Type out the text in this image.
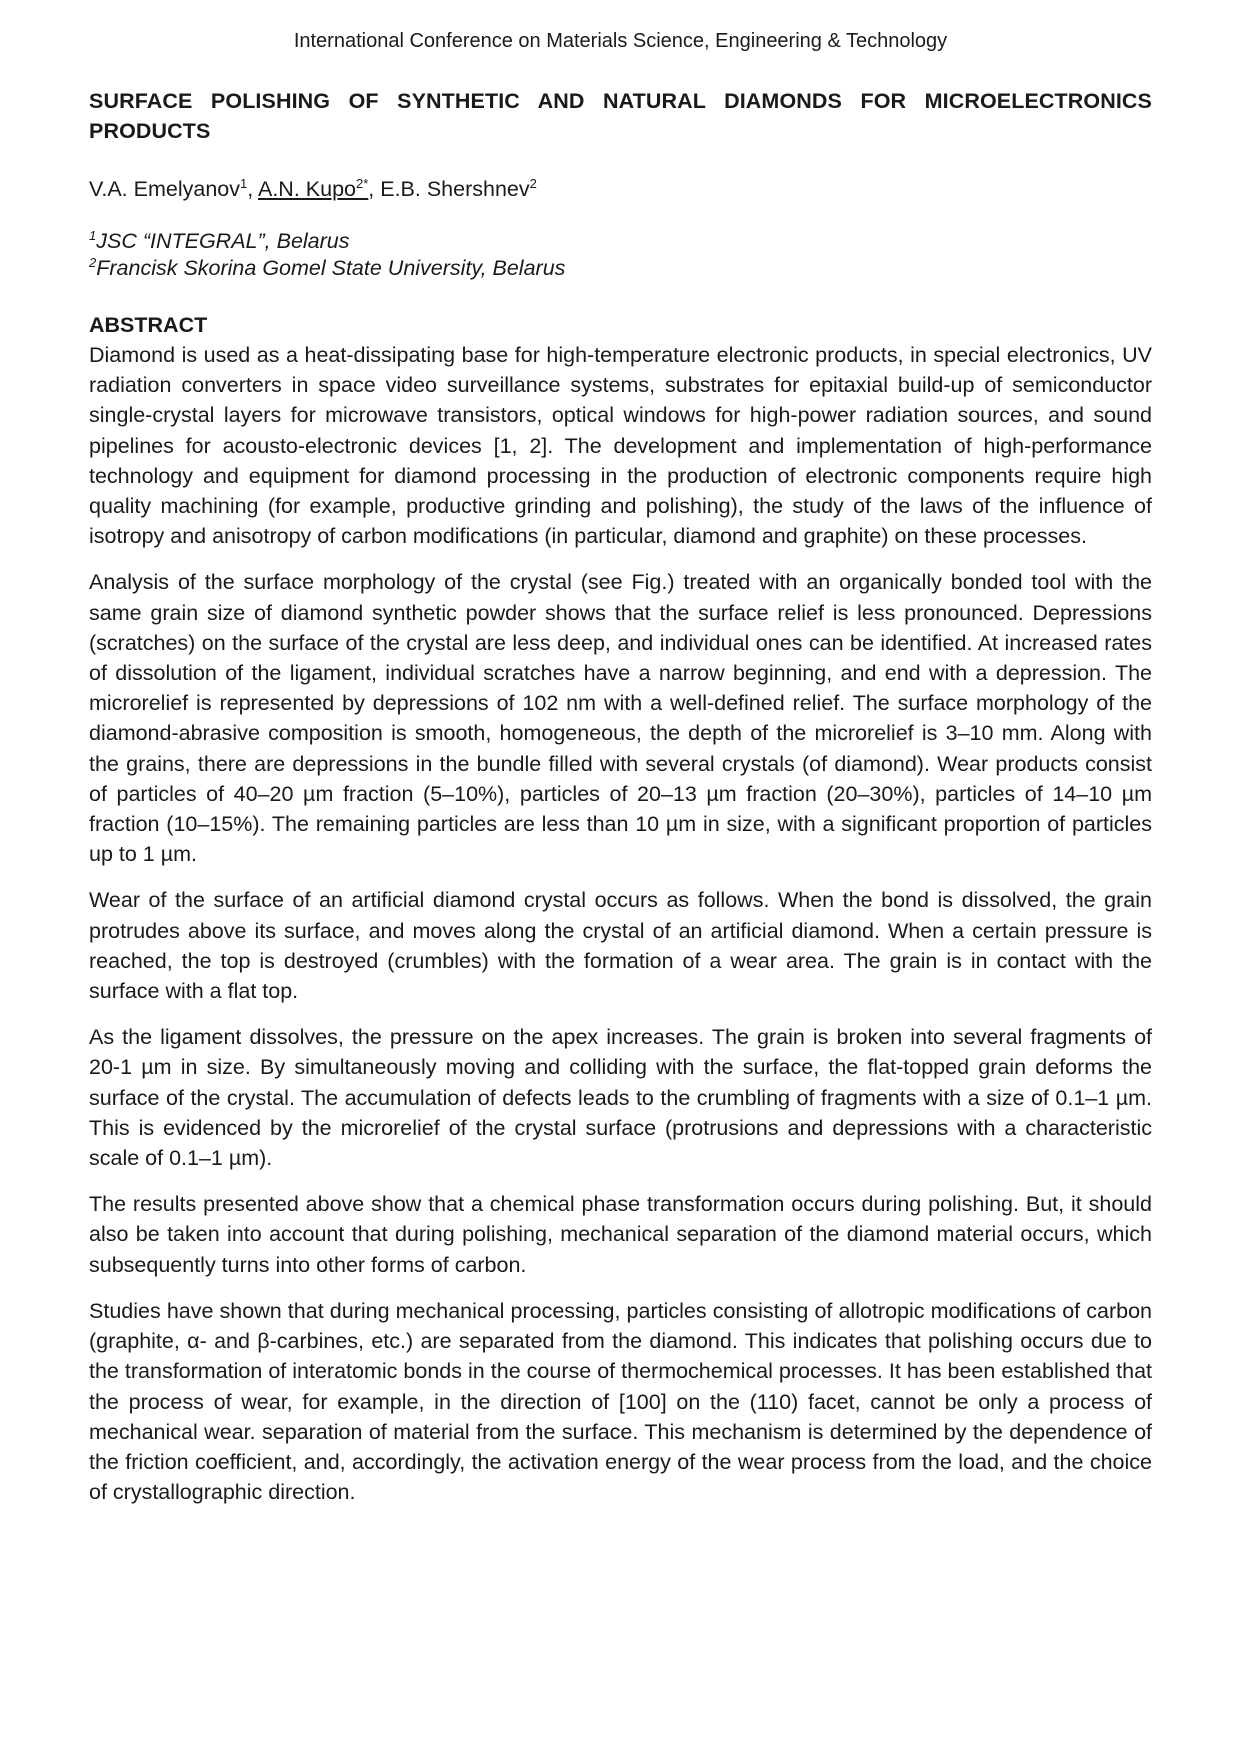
International Conference on Materials Science, Engineering & Technology
SURFACE POLISHING OF SYNTHETIC AND NATURAL DIAMONDS FOR MICROELECTRONICS PRODUCTS
V.A. Emelyanov$^1$, A.N. Kupo$^{2*}$, E.B. Shershnev$^2$
$^1$JSC “INTEGRAL”, Belarus
$^2$Francisk Skorina Gomel State University, Belarus
ABSTRACT

Diamond is used as a heat-dissipating base for high-temperature electronic products, in special electronics, UV radiation converters in space video surveillance systems, substrates for epitaxial build-up of semiconductor single-crystal layers for microwave transistors, optical windows for high-power radiation sources, and sound pipelines for acousto-electronic devices [1, 2]. The development and implementation of high-performance technology and equipment for diamond processing in the production of electronic components require high quality machining (for example, productive grinding and polishing), the study of the laws of the influence of isotropy and anisotropy of carbon modifications (in particular, diamond and graphite) on these processes.

Analysis of the surface morphology of the crystal (see Fig.) treated with an organically bonded tool with the same grain size of diamond synthetic powder shows that the surface relief is less pronounced. Depressions (scratches) on the surface of the crystal are less deep, and individual ones can be identified. At increased rates of dissolution of the ligament, individual scratches have a narrow beginning, and end with a depression. The microrelief is represented by depressions of 102 nm with a well-defined relief. The surface morphology of the diamond-abrasive composition is smooth, homogeneous, the depth of the microrelief is 3–10 mm. Along with the grains, there are depressions in the bundle filled with several crystals (of diamond). Wear products consist of particles of 40–20 µm fraction (5–10%), particles of 20–13 µm fraction (20–30%), particles of 14–10 µm fraction (10–15%). The remaining particles are less than 10 µm in size, with a significant proportion of particles up to 1 µm.

Wear of the surface of an artificial diamond crystal occurs as follows. When the bond is dissolved, the grain protrudes above its surface, and moves along the crystal of an artificial diamond. When a certain pressure is reached, the top is destroyed (crumbles) with the formation of a wear area. The grain is in contact with the surface with a flat top.

As the ligament dissolves, the pressure on the apex increases. The grain is broken into several fragments of 20-1 µm in size. By simultaneously moving and colliding with the surface, the flat-topped grain deforms the surface of the crystal. The accumulation of defects leads to the crumbling of fragments with a size of 0.1–1 µm. This is evidenced by the microrelief of the crystal surface (protrusions and depressions with a characteristic scale of 0.1–1 µm).

The results presented above show that a chemical phase transformation occurs during polishing. But, it should also be taken into account that during polishing, mechanical separation of the diamond material occurs, which subsequently turns into other forms of carbon.

Studies have shown that during mechanical processing, particles consisting of allotropic modifications of carbon (graphite, α- and β-carbines, etc.) are separated from the diamond. This indicates that polishing occurs due to the transformation of interatomic bonds in the course of thermochemical processes. It has been established that the process of wear, for example, in the direction of [100] on the (110) facet, cannot be only a process of mechanical wear. separation of material from the surface. This mechanism is determined by the dependence of the friction coefficient, and, accordingly, the activation energy of the wear process from the load, and the choice of crystallographic direction.
